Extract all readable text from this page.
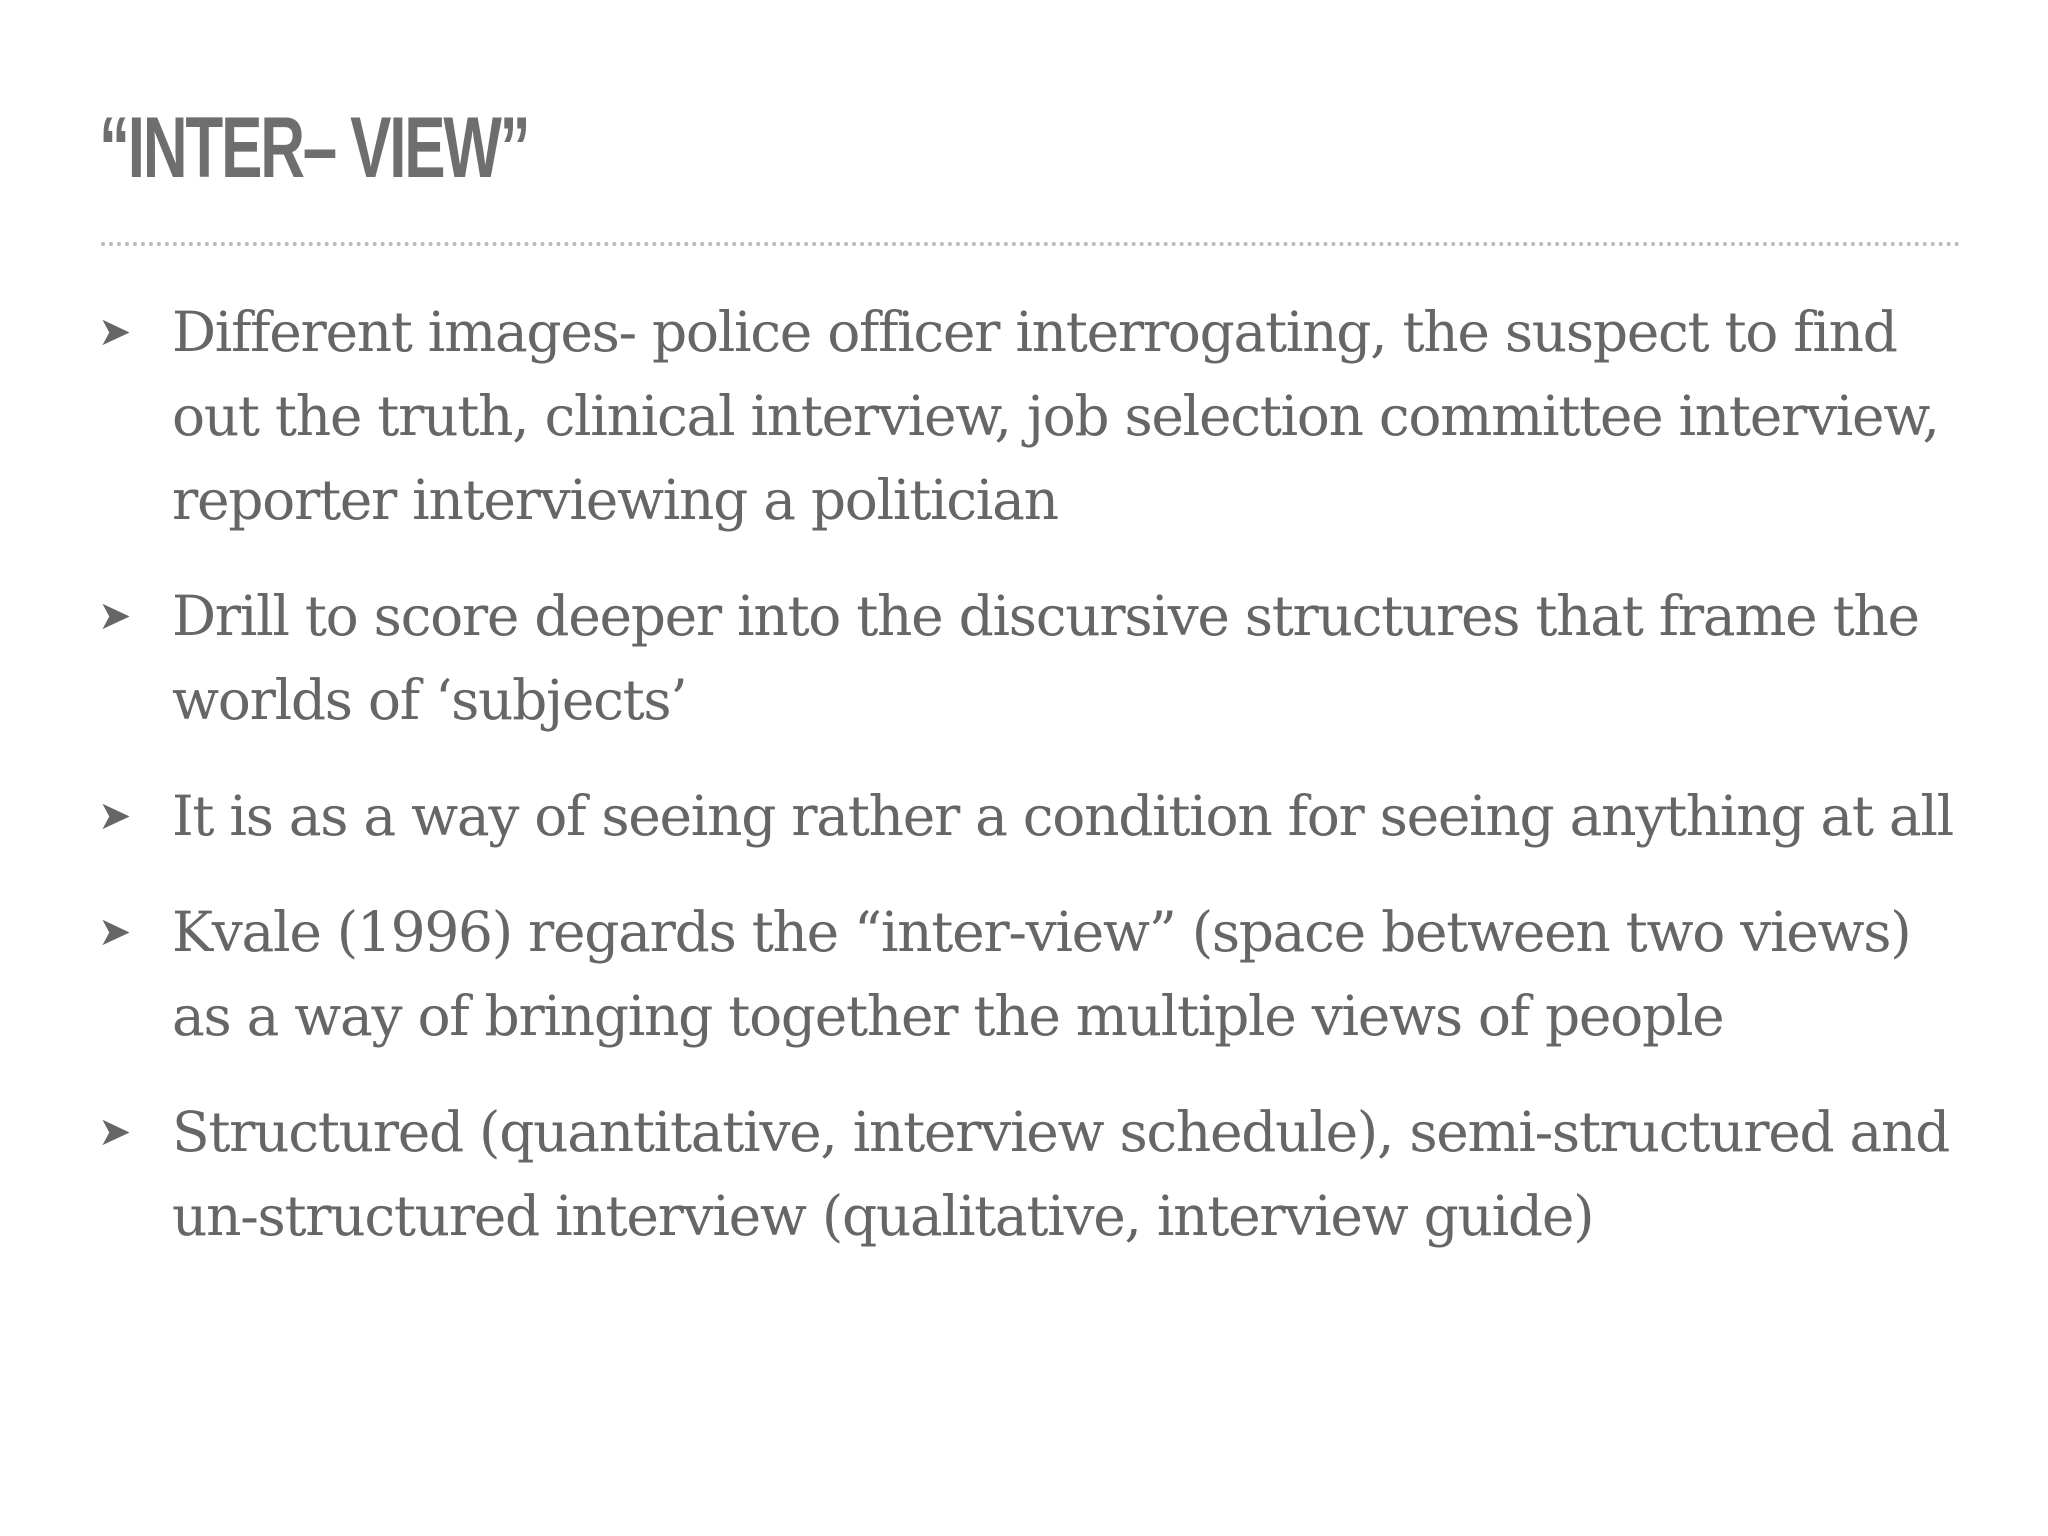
“INTER– VIEW”
➤ Different images- police officer interrogating, the suspect to find out the truth, clinical interview, job selection committee interview, reporter interviewing a politician
➤ Drill to score deeper into the discursive structures that frame the worlds of ‘subjects’
➤ It is as a way of seeing rather a condition for seeing anything at all
➤ Kvale (1996) regards the “inter-view” (space between two views) as a way of bringing together the multiple views of people
➤ Structured (quantitative, interview schedule), semi-structured and un-structured interview (qualitative, interview guide)
